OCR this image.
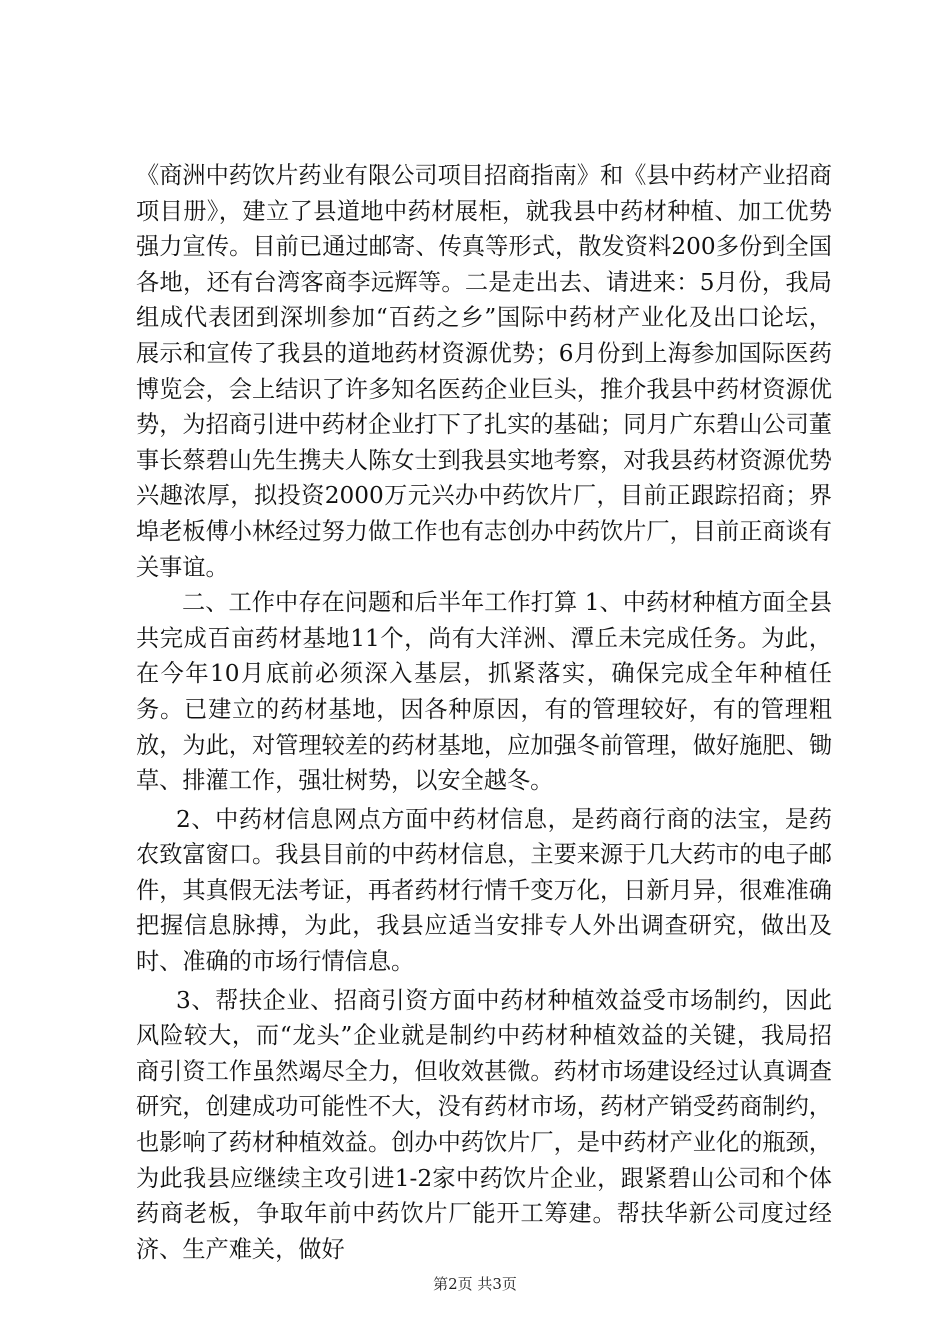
《商洲中药饮片药业有限公司项目招商指南》和《县中药材产业招商项目册》，建立了县道地中药材展柜，就我县中药材种植、加工优势强力宣传。目前已通过邮寄、传真等形式，散发资料200多份到全国各地，还有台湾客商李远辉等。二是走出去、请进来：5月份，我局组成代表团到深圳参加“百药之乡”国际中药材产业化及出口论坛，展示和宣传了我县的道地药材资源优势；6月份到上海参加国际医药博览会，会上结识了许多知名医药企业巨头，推介我县中药材资源优势，为招商引进中药材企业打下了扎实的基础；同月广东碧山公司董事长蔡碧山先生携夫人陈女士到我县实地考察，对我县药材资源优势兴趣浓厚，拟投资2000万元兴办中药饮片厂，目前正跟踪招商；界埠老板傅小林经过努力做工作也有志创办中药饮片厂，目前正商谈有关事谊。

二、工作中存在问题和后半年工作打算 1、中药材种植方面全县共完成百亩药材基地11个，尚有大洋洲、潭丘未完成任务。为此，在今年10月底前必须深入基层，抓紧落实，确保完成全年种植任务。已建立的药材基地，因各种原因，有的管理较好，有的管理粗放，为此，对管理较差的药材基地，应加强冬前管理，做好施肥、锄草、排灌工作，强壮树势，以安全越冬。

2、中药材信息网点方面中药材信息，是药商行商的法宝，是药农致富窗口。我县目前的中药材信息，主要来源于几大药市的电子邮件，其真假无法考证，再者药材行情千变万化，日新月异，很难准确把握信息脉搏，为此，我县应适当安排专人外出调查研究，做出及时、准确的市场行情信息。

3、帮扶企业、招商引资方面中药材种植效益受市场制约，因此风险较大，而“龙头”企业就是制约中药材种植效益的关键，我局招商引资工作虽然竭尽全力，但收效甚微。药材市场建设经过认真调查研究，创建成功可能性不大，没有药材市场，药材产销受药商制约，也影响了药材种植效益。创办中药饮片厂，是中药材产业化的瓶颈，为此我县应继续主攻引进1-2家中药饮片企业，跟紧碧山公司和个体药商老板，争取年前中药饮片厂能开工筹建。帮扶华新公司度过经济、生产难关，做好

第2页 共3页
